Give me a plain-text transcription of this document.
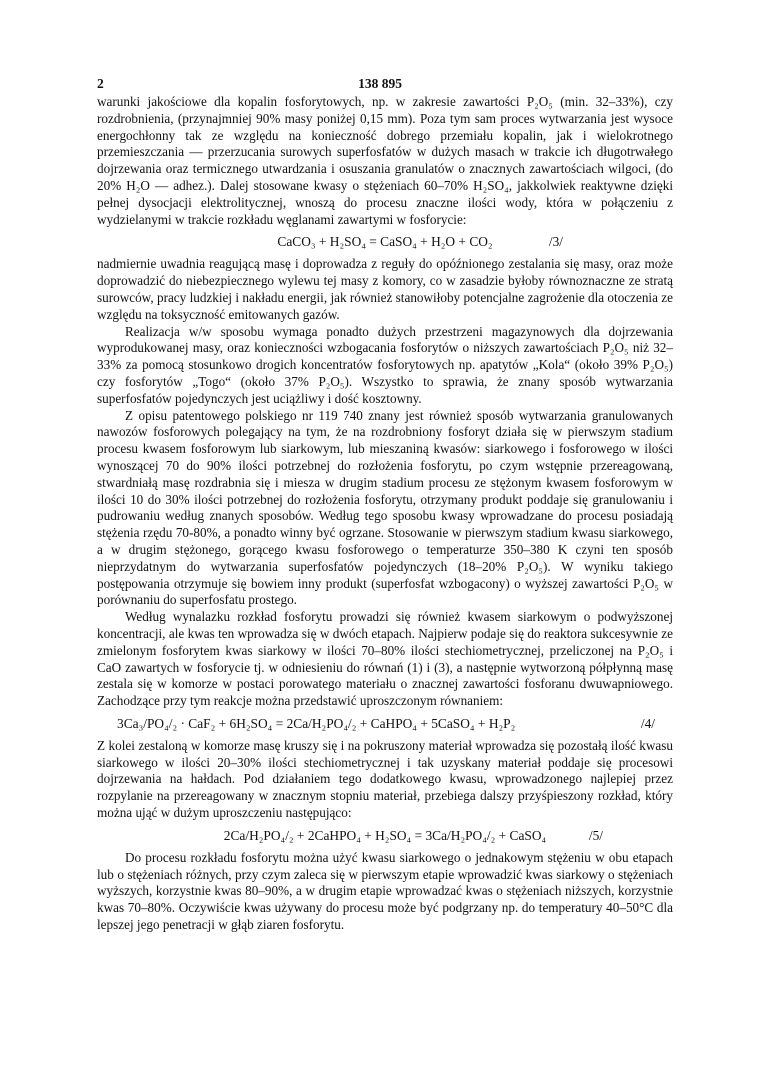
2	138 895

warunki jakościowe dla kopalin fosforytowych, np. w zakresie zawartości P₂O₅ (min. 32–33%), czy rozdrobnienia, (przynajmniej 90% masy poniżej 0,15 mm). Poza tym sam proces wytwarzania jest wysoce energochłonny tak ze względu na konieczność dobrego przemiału kopalin, jak i wielokrotnego przemieszczania — przerzucania surowych superfosfatów w dużych masach w trakcie ich długotrwałego dojrzewania oraz termicznego utwardzania i osuszania granulatów o znacznych zawartościach wilgoci, (do 20% H₂O — adhez.). Dalej stosowane kwasy o stężeniach 60–70% H₂SO₄, jakkolwiek reaktywne dzięki pełnej dysocjacji elektrolitycznej, wnoszą do procesu znaczne ilości wody, która w połączeniu z wydzielanymi w trakcie rozkładu węglanami zawartymi w fosforycie:

CaCO₃ + H₂SO₄ = CaSO₄ + H₂O + CO₂	/3/

nadmiernie uwadnia reagującą masę i doprowadza z reguły do opóźnionego zestalania się masy, oraz może doprowadzić do niebezpiecznego wylewu tej masy z komory, co w zasadzie byłoby równoznaczne ze stratą surowców, pracy ludzkiej i nakładu energii, jak również stanowiłoby potencjalne zagrożenie dla otoczenia ze względu na toksyczność emitowanych gazów.

Realizacja w/w sposobu wymaga ponadto dużych przestrzeni magazynowych dla dojrzewania wyprodukowanej masy, oraz konieczności wzbogacania fosforytów o niższych zawartościach P₂O₅ niż 32–33% za pomocą stosunkowo drogich koncentratów fosforytowych np. apatytów „Kola“ (około 39% P₂O₅) czy fosforytów „Togo“ (około 37% P₂O₅). Wszystko to sprawia, że znany sposób wytwarzania superfosfatów pojedynczych jest uciążliwy i dość kosztowny.

Z opisu patentowego polskiego nr 119 740 znany jest również sposób wytwarzania granulowanych nawozów fosforowych polegający na tym, że na rozdrobniony fosforyt działa się w pierwszym stadium procesu kwasem fosforowym lub siarkowym, lub mieszaniną kwasów: siarkowego i fosforowego w ilości wynoszącej 70 do 90% ilości potrzebnej do rozłożenia fosforytu, po czym wstępnie przereagowaną, stwardniałą masę rozdrabnia się i miesza w drugim stadium procesu ze stężonym kwasem fosforowym w ilości 10 do 30% ilości potrzebnej do rozłożenia fosforytu, otrzymany produkt poddaje się granulowaniu i pudrowaniu według znanych sposobów. Według tego sposobu kwasy wprowadzane do procesu posiadają stężenia rzędu 70-80%, a ponadto winny być ogrzane. Stosowanie w pierwszym stadium kwasu siarkowego, a w drugim stężonego, gorącego kwasu fosforowego o temperaturze 350–380 K czyni ten sposób nieprzydatnym do wytwarzania superfosfatów pojedynczych (18–20% P₂O₅). W wyniku takiego postępowania otrzymuje się bowiem inny produkt (superfosfat wzbogacony) o wyższej zawartości P₂O₅ w porównaniu do superfosfatu prostego.

Według wynalazku rozkład fosforytu prowadzi się również kwasem siarkowym o podwyższonej koncentracji, ale kwas ten wprowadza się w dwóch etapach. Najpierw podaje się do reaktora sukcesywnie ze zmielonym fosforytem kwas siarkowy w ilości 70–80% ilości stechiometrycznej, przeliczonej na P₂O₅ i CaO zawartych w fosforycie tj. w odniesieniu do równań (1) i (3), a następnie wytworzoną półpłynną masę zestala się w komorze w postaci porowatego materiału o znacznej zawartości fosforanu dwuwapniowego. Zachodzące przy tym reakcje można przedstawić uproszczonym równaniem:

3Ca₃/PO₄/₂ · CaF₂ + 6H₂SO₄ = 2Ca/H₂PO₄/₂ + CaHPO₄ + 5CaSO₄ + H₂P₂	/4/

Z kolei zestaloną w komorze masę kruszy się i na pokruszony materiał wprowadza się pozostałą ilość kwasu siarkowego w ilości 20–30% ilości stechiometrycznej i tak uzyskany materiał poddaje się procesowi dojrzewania na hałdach. Pod działaniem tego dodatkowego kwasu, wprowadzonego najlepiej przez rozpylanie na przereagowany w znacznym stopniu materiał, przebiega dalszy przyśpieszony rozkład, który można ująć w dużym uproszczeniu następująco:

2Ca/H₂PO₄/₂ + 2CaHPO₄ + H₂SO₄ = 3Ca/H₂PO₄/₂ + CaSO₄	/5/

Do procesu rozkładu fosforytu można użyć kwasu siarkowego o jednakowym stężeniu w obu etapach lub o stężeniach różnych, przy czym zaleca się w pierwszym etapie wprowadzić kwas siarkowy o stężeniach wyższych, korzystnie kwas 80–90%, a w drugim etapie wprowadzać kwas o stężeniach niższych, korzystnie kwas 70–80%. Oczywiście kwas używany do procesu może być podgrzany np. do temperatury 40–50°C dla lepszej jego penetracji w głąb ziaren fosforytu.
